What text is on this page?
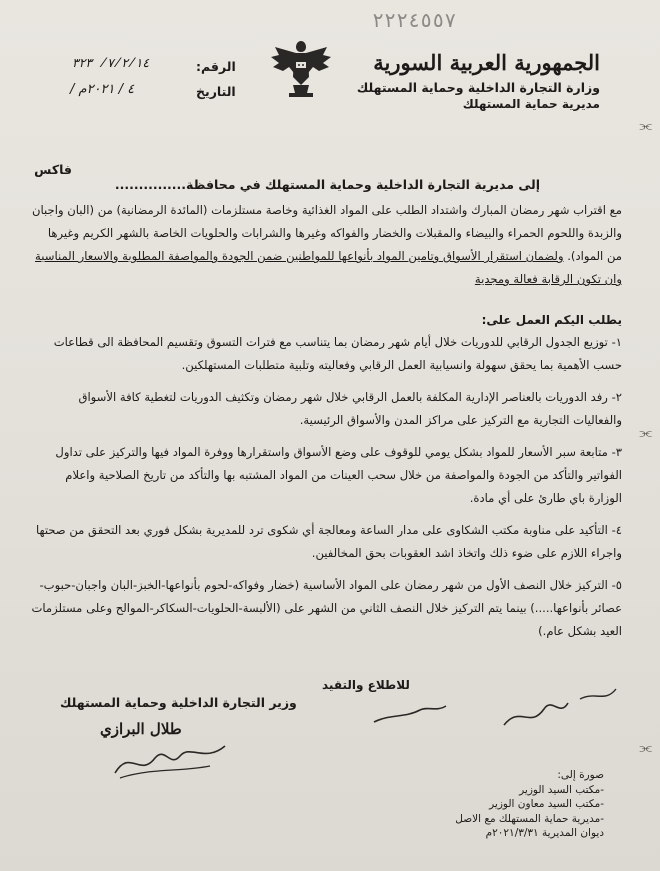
٢٢٢٤٥٥٧
الجمهورية العربية السورية
وزارة التجارة الداخلية وحماية المستهلك
مديرية حماية المستهلك
الرقم:
٧/٢/١٤/ ٣٢٣
التاريخ
/ ٤ / ٢٠٢١م
فاكس
إلى مديرية التجارة الداخلية وحماية المستهلك في محافظة...............
مع اقتراب شهر رمضان المبارك واشتداد الطلب على المواد الغذائية وخاصة مستلزمات (المائدة الرمضانية) من (البان واجبان والزبدة واللحوم الحمراء والبيضاء والمقبلات والخضار والفواكه وغيرها والشرابات والحلويات الخاصة بالشهر الكريم وغيرها من المواد). ولضمان استقرار الأسواق وتامين المواد بأنواعها للمواطنين ضمن الجودة والمواصفة المطلوبة والاسعار المناسبة وان تكون الرقابة فعالة ومجدية
يطلب اليكم العمل على:
١- توزيع الجدول الرقابي للدوريات خلال أيام شهر رمضان بما يتناسب مع فترات التسوق وتقسيم المحافظة الى قطاعات حسب الأهمية بما يحقق سهولة وانسيابية العمل الرقابي وفعاليته وتلبية متطلبات المستهلكين.
٢- رفد الدوريات بالعناصر الإدارية المكلفة بالعمل الرقابي خلال شهر رمضان وتكثيف الدوريات لتغطية كافة الأسواق والفعاليات التجارية مع التركيز على مراكز المدن والأسواق الرئيسية.
٣- متابعة سبر الأسعار للمواد بشكل يومي للوقوف على وضع الأسواق واستقرارها ووفرة المواد فيها والتركيز على تداول الفواتير والتأكد من الجودة والمواصفة من خلال سحب العينات من المواد المشتبه بها والتأكد من تاريخ الصلاحية واعلام الوزارة باي طارئ على أي مادة.
٤- التأكيد على مناوبة مكتب الشكاوى على مدار الساعة ومعالجة أي شكوى ترد للمديرية بشكل فوري بعد التحقق من صحتها واجراء اللازم على ضوء ذلك واتخاذ اشد العقوبات بحق المخالفين.
٥- التركيز خلال النصف الأول من شهر رمضان على المواد الأساسية (خضار وفواكه-لحوم بأنواعها-الخبز-البان واجبان-حبوب-عصائر بأنواعها.....) بينما يتم التركيز خلال النصف الثاني من الشهر على (الألبسة-الحلويات-السكاكر-الموالح وعلى مستلزمات العيد بشكل عام.)
للاطلاع والتقيد
وزير التجارة الداخلية وحماية المستهلك
طلال البرازي
صورة إلى:
-مكتب السيد الوزير
-مكتب السيد معاون الوزير
-مديرية حماية المستهلك مع الاصل
ديوان المديرية ٢٠٢١/٣/٣١م
⫘
⫘
⫘
